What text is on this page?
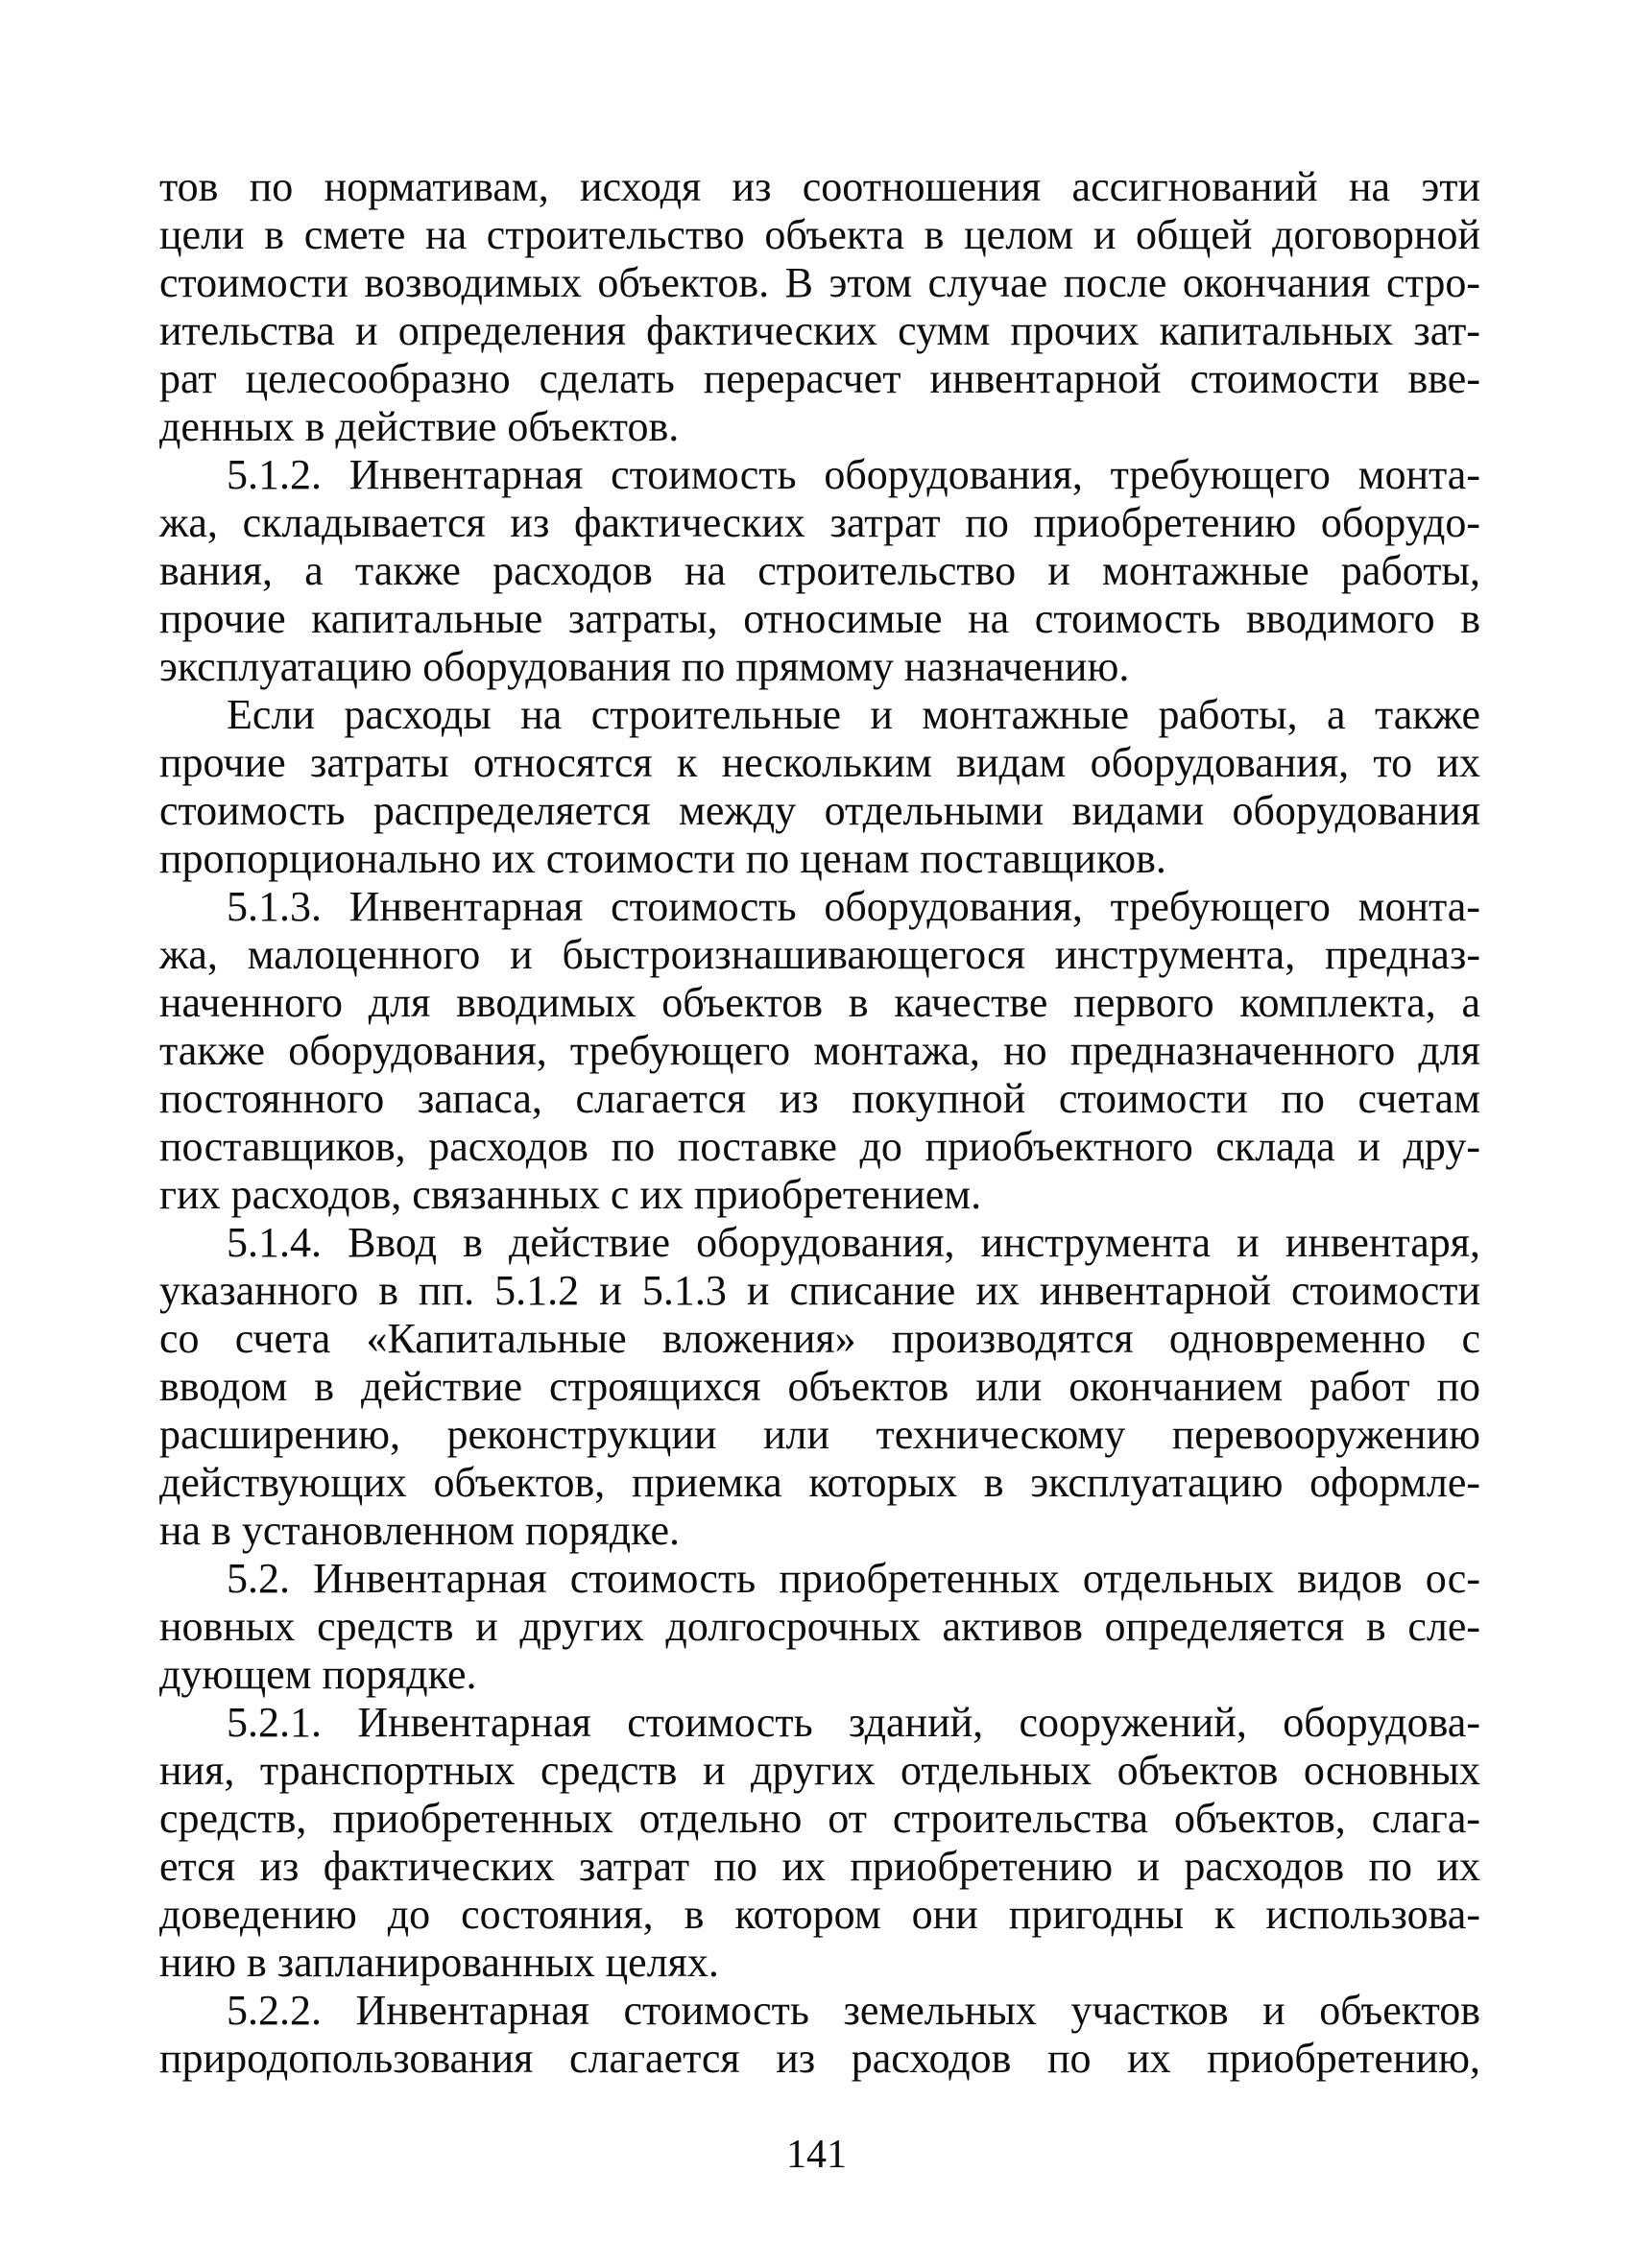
тов по нормативам, исходя из соотношения ассигнований на эти
цели в смете на строительство объекта в целом и общей договорной
стоимости возводимых объектов. В этом случае после окончания стро-
ительства и определения фактических сумм прочих капитальных зат-
рат целесообразно сделать перерасчет инвентарной стоимости вве-
денных в действие объектов.
5.1.2. Инвентарная стоимость оборудования, требующего монта-
жа, складывается из фактических затрат по приобретению оборудо-
вания, а также расходов на строительство и монтажные работы,
прочие капитальные затраты, относимые на стоимость вводимого в
эксплуатацию оборудования по прямому назначению.
Если расходы на строительные и монтажные работы, а также
прочие затраты относятся к нескольким видам оборудования, то их
стоимость распределяется между отдельными видами оборудования
пропорционально их стоимости по ценам поставщиков.
5.1.3. Инвентарная стоимость оборудования, требующего монта-
жа, малоценного и быстроизнашивающегося инструмента, предназ-
наченного для вводимых объектов в качестве первого комплекта, а
также оборудования, требующего монтажа, но предназначенного для
постоянного запаса, слагается из покупной стоимости по счетам
поставщиков, расходов по поставке до приобъектного склада и дру-
гих расходов, связанных с их приобретением.
5.1.4. Ввод в действие оборудования, инструмента и инвентаря,
указанного в пп. 5.1.2 и 5.1.3 и списание их инвентарной стоимости
со счета «Капитальные вложения» производятся одновременно с
вводом в действие строящихся объектов или окончанием работ по
расширению, реконструкции или техническому перевооружению
действующих объектов, приемка которых в эксплуатацию оформле-
на в установленном порядке.
5.2. Инвентарная стоимость приобретенных отдельных видов ос-
новных средств и других долгосрочных активов определяется в сле-
дующем порядке.
5.2.1. Инвентарная стоимость зданий, сооружений, оборудова-
ния, транспортных средств и других отдельных объектов основных
средств, приобретенных отдельно от строительства объектов, слага-
ется из фактических затрат по их приобретению и расходов по их
доведению до состояния, в котором они пригодны к использова-
нию в запланированных целях.
5.2.2. Инвентарная стоимость земельных участков и объектов
природопользования слагается из расходов по их приобретению,
141
